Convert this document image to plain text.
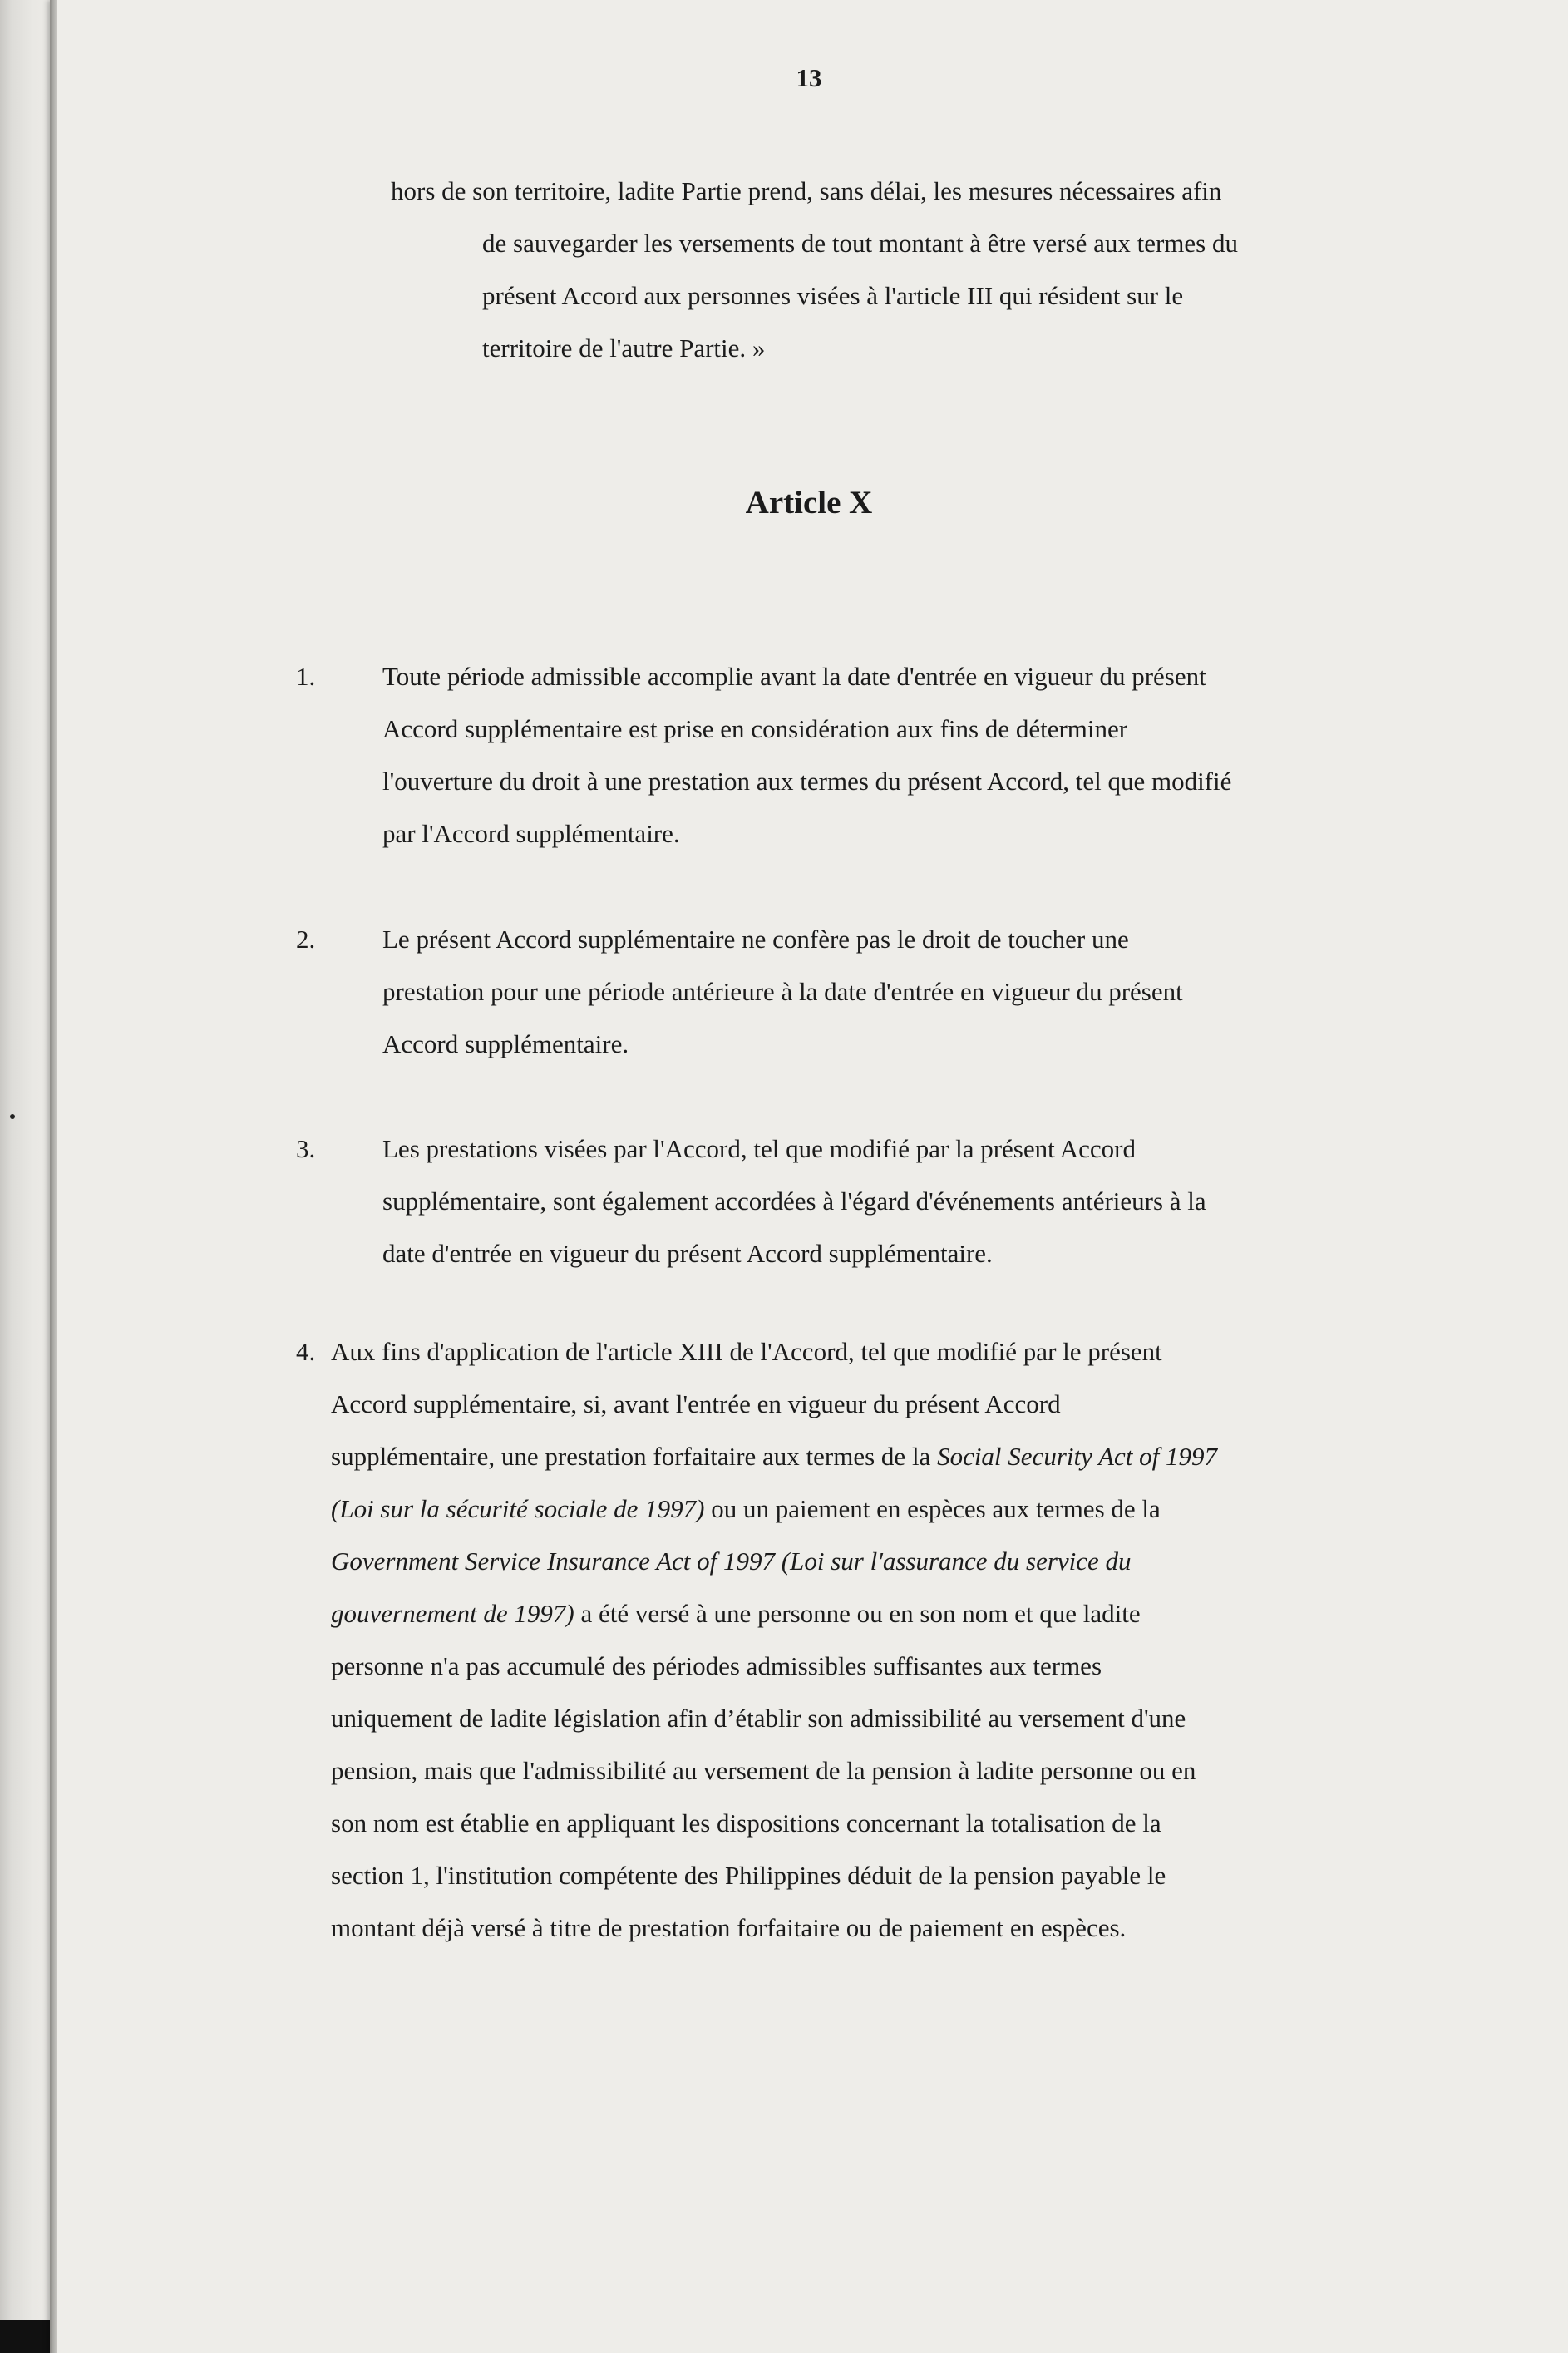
13
hors de son territoire, ladite Partie prend, sans délai, les mesures nécessaires afin
de sauvegarder les versements de tout montant à être versé aux termes du
présent Accord aux personnes visées à l'article III qui résident sur le
territoire de l'autre Partie. »
Article X
1.	Toute période admissible accomplie avant la date d'entrée en vigueur du présent
Accord supplémentaire est prise en considération aux fins de déterminer
l'ouverture du droit à une prestation aux termes du présent Accord, tel que modifié
par l'Accord supplémentaire.
2.	Le présent Accord supplémentaire ne confère pas le droit de toucher une
prestation pour une période antérieure à la date d'entrée en vigueur du présent
Accord supplémentaire.
3.	Les prestations visées par l'Accord, tel que modifié par la présent Accord
supplémentaire, sont également accordées à l'égard d'événements antérieurs à la
date d'entrée en vigueur du présent Accord supplémentaire.
4. Aux fins d'application de l'article XIII de l'Accord, tel que modifié par le présent
Accord supplémentaire, si, avant l'entrée en vigueur du présent Accord
supplémentaire, une prestation forfaitaire aux termes de la Social Security Act of 1997
(Loi sur la sécurité sociale de 1997) ou un paiement en espèces aux termes de la
Government Service Insurance Act of 1997 (Loi sur l'assurance du service du
gouvernement de 1997) a été versé à une personne ou en son nom et que ladite
personne n'a pas accumulé des périodes admissibles suffisantes aux termes
uniquement de ladite législation afin d’établir son admissibilité au versement d'une
pension, mais que l'admissibilité au versement de la pension à ladite personne ou en
son nom est établie en appliquant les dispositions concernant la totalisation de la
section 1, l'institution compétente des Philippines déduit de la pension payable le
montant déjà versé à titre de prestation forfaitaire ou de paiement en espèces.
